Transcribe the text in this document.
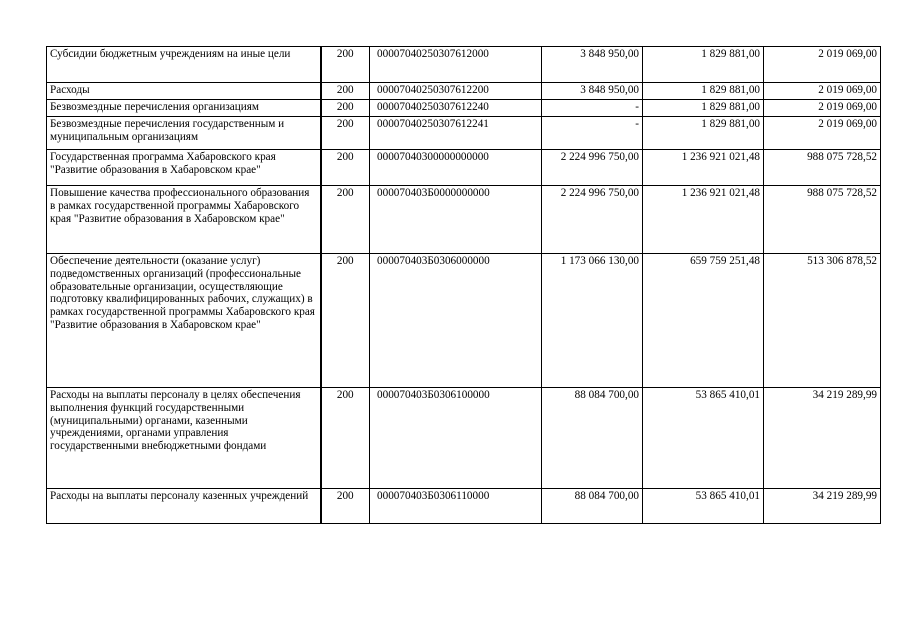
Субсидии бюджетным учреждениям на иные цели	200	00007040250307612000	3 848 950,00	1 829 881,00	2 019 069,00
Расходы	200	00007040250307612200	3 848 950,00	1 829 881,00	2 019 069,00
Безвозмездные перечисления организациям	200	00007040250307612240	-	1 829 881,00	2 019 069,00
Безвозмездные перечисления государственным и муниципальным организациям	200	00007040250307612241	-	1 829 881,00	2 019 069,00
Государственная программа Хабаровского края "Развитие образования в Хабаровском крае"	200	00007040300000000000	2 224 996 750,00	1 236 921 021,48	988 075 728,52
Повышение качества профессионального образования в рамках государственной программы Хабаровского края "Развитие образования в Хабаровском крае"	200	000070403Б0000000000	2 224 996 750,00	1 236 921 021,48	988 075 728,52
Обеспечение деятельности (оказание услуг) подведомственных организаций (профессиональные образовательные организации, осуществляющие подготовку квалифицированных рабочих, служащих) в рамках государственной программы Хабаровского края "Развитие образования в Хабаровском крае"	200	000070403Б0306000000	1 173 066 130,00	659 759 251,48	513 306 878,52
Расходы на выплаты персоналу в целях обеспечения выполнения функций государственными (муниципальными) органами, казенными учреждениями, органами управления государственными внебюджетными фондами	200	000070403Б0306100000	88 084 700,00	53 865 410,01	34 219 289,99
Расходы на выплаты персоналу казенных учреждений	200	000070403Б0306110000	88 084 700,00	53 865 410,01	34 219 289,99
